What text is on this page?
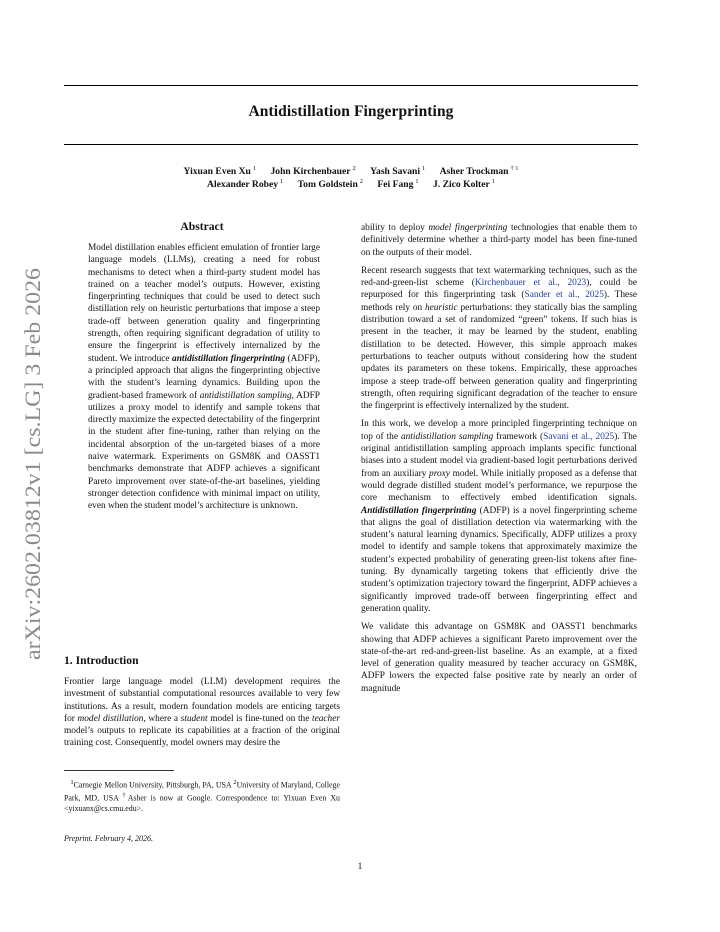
arXiv:2602.03812v1 [cs.LG] 3 Feb 2026
Antidistillation Fingerprinting
Yixuan Even Xu $^1$ John Kirchenbauer $^2$ Yash Savani $^1$ Asher Trockman $^{\dagger 1}$
Alexander Robey $^1$ Tom Goldstein $^2$ Fei Fang $^1$ J. Zico Kolter $^1$
Abstract
Model distillation enables efficient emulation of frontier large language models (LLMs), creating a need for robust mechanisms to detect when a third-party student model has trained on a teacher model’s outputs. However, existing fingerprinting techniques that could be used to detect such distillation rely on heuristic perturbations that impose a steep trade-off between generation quality and fingerprinting strength, often requiring significant degradation of utility to ensure the fingerprint is effectively internalized by the student. We introduce antidistillation fingerprinting (ADFP), a principled approach that aligns the fingerprinting objective with the student’s learning dynamics. Building upon the gradient-based framework of antidistillation sampling, ADFP utilizes a proxy model to identify and sample tokens that directly maximize the expected detectability of the fingerprint in the student after fine-tuning, rather than relying on the incidental absorption of the un-targeted biases of a more naive watermark. Experiments on GSM8K and OASST1 benchmarks demonstrate that ADFP achieves a significant Pareto improvement over state-of-the-art baselines, yielding stronger detection confidence with minimal impact on utility, even when the student model’s architecture is unknown.
1. Introduction
Frontier large language model (LLM) development requires the investment of substantial computational resources available to very few institutions. As a result, modern foundation models are enticing targets for model distillation, where a student model is fine-tuned on the teacher model’s outputs to replicate its capabilities at a fraction of the original training cost. Consequently, model owners may desire the
$^1$Carnegie Mellon University, Pittsburgh, PA, USA $^2$University of Maryland, College Park, MD, USA †Asher is now at Google. Correspondence to: Yixuan Even Xu <yixuanx@cs.cmu.edu>.
Preprint. February 4, 2026.

ability to deploy model fingerprinting technologies that enable them to definitively determine whether a third-party model has been fine-tuned on the outputs of their model.

Recent research suggests that text watermarking techniques, such as the red-and-green-list scheme (Kirchenbauer et al., 2023), could be repurposed for this fingerprinting task (Sander et al., 2025). These methods rely on heuristic perturbations: they statically bias the sampling distribution toward a set of randomized “green” tokens. If such bias is present in the teacher, it may be learned by the student, enabling distillation to be detected. However, this simple approach makes perturbations to teacher outputs without considering how the student updates its parameters on these tokens. Empirically, these approaches impose a steep trade-off between generation quality and fingerprinting strength, often requiring significant degradation of the teacher to ensure the fingerprint is effectively internalized by the student.

In this work, we develop a more principled fingerprinting technique on top of the antidistillation sampling framework (Savani et al., 2025). The original antidistillation sampling approach implants specific functional biases into a student model via gradient-based logit perturbations derived from an auxiliary proxy model. While initially proposed as a defense that would degrade distilled student model’s performance, we repurpose the core mechanism to effectively embed identification signals. Antidistillation fingerprinting (ADFP) is a novel fingerprinting scheme that aligns the goal of distillation detection via watermarking with the student’s natural learning dynamics. Specifically, ADFP utilizes a proxy model to identify and sample tokens that approximately maximize the student’s expected probability of generating green-list tokens after fine-tuning. By dynamically targeting tokens that efficiently drive the student’s optimization trajectory toward the fingerprint, ADFP achieves a significantly improved trade-off between fingerprinting effect and generation quality.

We validate this advantage on GSM8K and OASST1 benchmarks showing that ADFP achieves a significant Pareto improvement over the state-of-the-art red-and-green-list baseline. As an example, at a fixed level of generation quality measured by teacher accuracy on GSM8K, ADFP lowers the expected false positive rate by nearly an order of magnitude

1
